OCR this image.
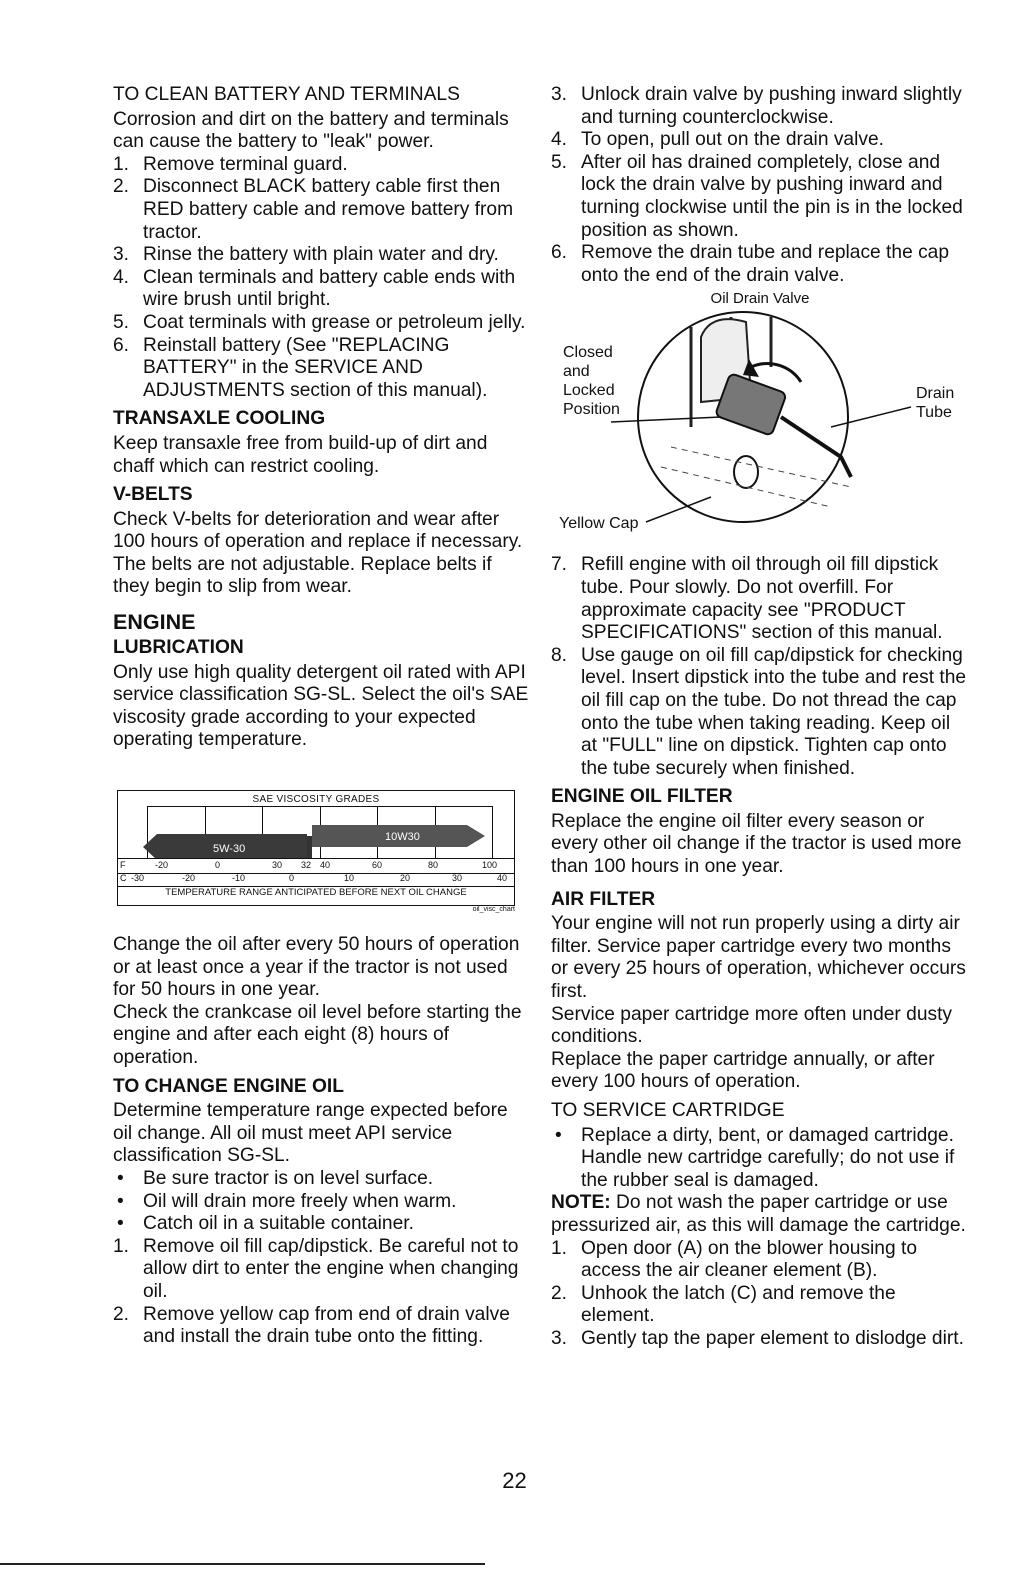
TO CLEAN BATTERY AND TERMINALS

Corrosion and dirt on the battery and terminals can cause the battery to "leak" power.

1. Remove terminal guard.
2. Disconnect BLACK battery cable first then RED battery cable and remove battery from tractor.
3. Rinse the battery with plain water and dry.
4. Clean terminals and battery cable ends with wire brush until bright.
5. Coat terminals with grease or petroleum jelly.
6. Reinstall battery (See "REPLACING BATTERY" in the SERVICE AND ADJUSTMENTS section of this manual).
TRANSAXLE COOLING

Keep transaxle free from build-up of dirt and chaff which can restrict cooling.

V-BELTS

Check V-belts for deterioration and wear after 100 hours of operation and replace if necessary. The belts are not adjustable. Replace belts if they begin to slip from wear.

ENGINE
LUBRICATION

Only use high quality detergent oil rated with API service classification SG-SL. Select the oil's SAE viscosity grade according to your expected operating temperature.

SAE VISCOSITY GRADES
10W30
5W-30
F	-20	0	30 32 40	60	80	100
C -30	-20	-10	0	10	20	30	40
TEMPERATURE RANGE ANTICIPATED BEFORE NEXT OIL CHANGE
oil_visc_chart

Change the oil after every 50 hours of operation or at least once a year if the tractor is not used for 50 hours in one year.

Check the crankcase oil level before starting the engine and after each eight (8) hours of operation.

TO CHANGE ENGINE OIL

Determine temperature range expected before oil change. All oil must meet API service classification SG-SL.

• Be sure tractor is on level surface.
• Oil will drain more freely when warm.
• Catch oil in a suitable container.
1. Remove oil fill cap/dipstick. Be careful not to allow dirt to enter the engine when changing oil.
2. Remove yellow cap from end of drain valve and install the drain tube onto the fitting.
3. Unlock drain valve by pushing inward slightly and turning counterclockwise.
4. To open, pull out on the drain valve.
5. After oil has drained completely, close and lock the drain valve by pushing inward and turning clockwise until the pin is in the locked position as shown.
6. Remove the drain tube and replace the cap onto the end of the drain valve.
Oil Drain Valve
Closed
and
Locked
Position
Drain
Tube
Yellow Cap
7. Refill engine with oil through oil fill dipstick tube. Pour slowly. Do not overfill. For approximate capacity see "PRODUCT SPECIFICATIONS" section of this manual.
8. Use gauge on oil fill cap/dipstick for checking level. Insert dipstick into the tube and rest the oil fill cap on the tube. Do not thread the cap onto the tube when taking reading. Keep oil at "FULL" line on dipstick. Tighten cap onto the tube securely when finished.
ENGINE OIL FILTER

Replace the engine oil filter every season or every other oil change if the tractor is used more than 100 hours in one year.

AIR FILTER

Your engine will not run properly using a dirty air filter. Service paper cartridge every two months or every 25 hours of operation, whichever occurs first.

Service paper cartridge more often under dusty conditions.

Replace the paper cartridge annually, or after every 100 hours of operation.

TO SERVICE CARTRIDGE
• Replace a dirty, bent, or damaged cartridge. Handle new cartridge carefully; do not use if the rubber seal is damaged.

NOTE: Do not wash the paper cartridge or use pressurized air, as this will damage the cartridge.

1. Open door (A) on the blower housing to access the air cleaner element (B).
2. Unhook the latch (C) and remove the element.
3. Gently tap the paper element to dislodge dirt.
22
